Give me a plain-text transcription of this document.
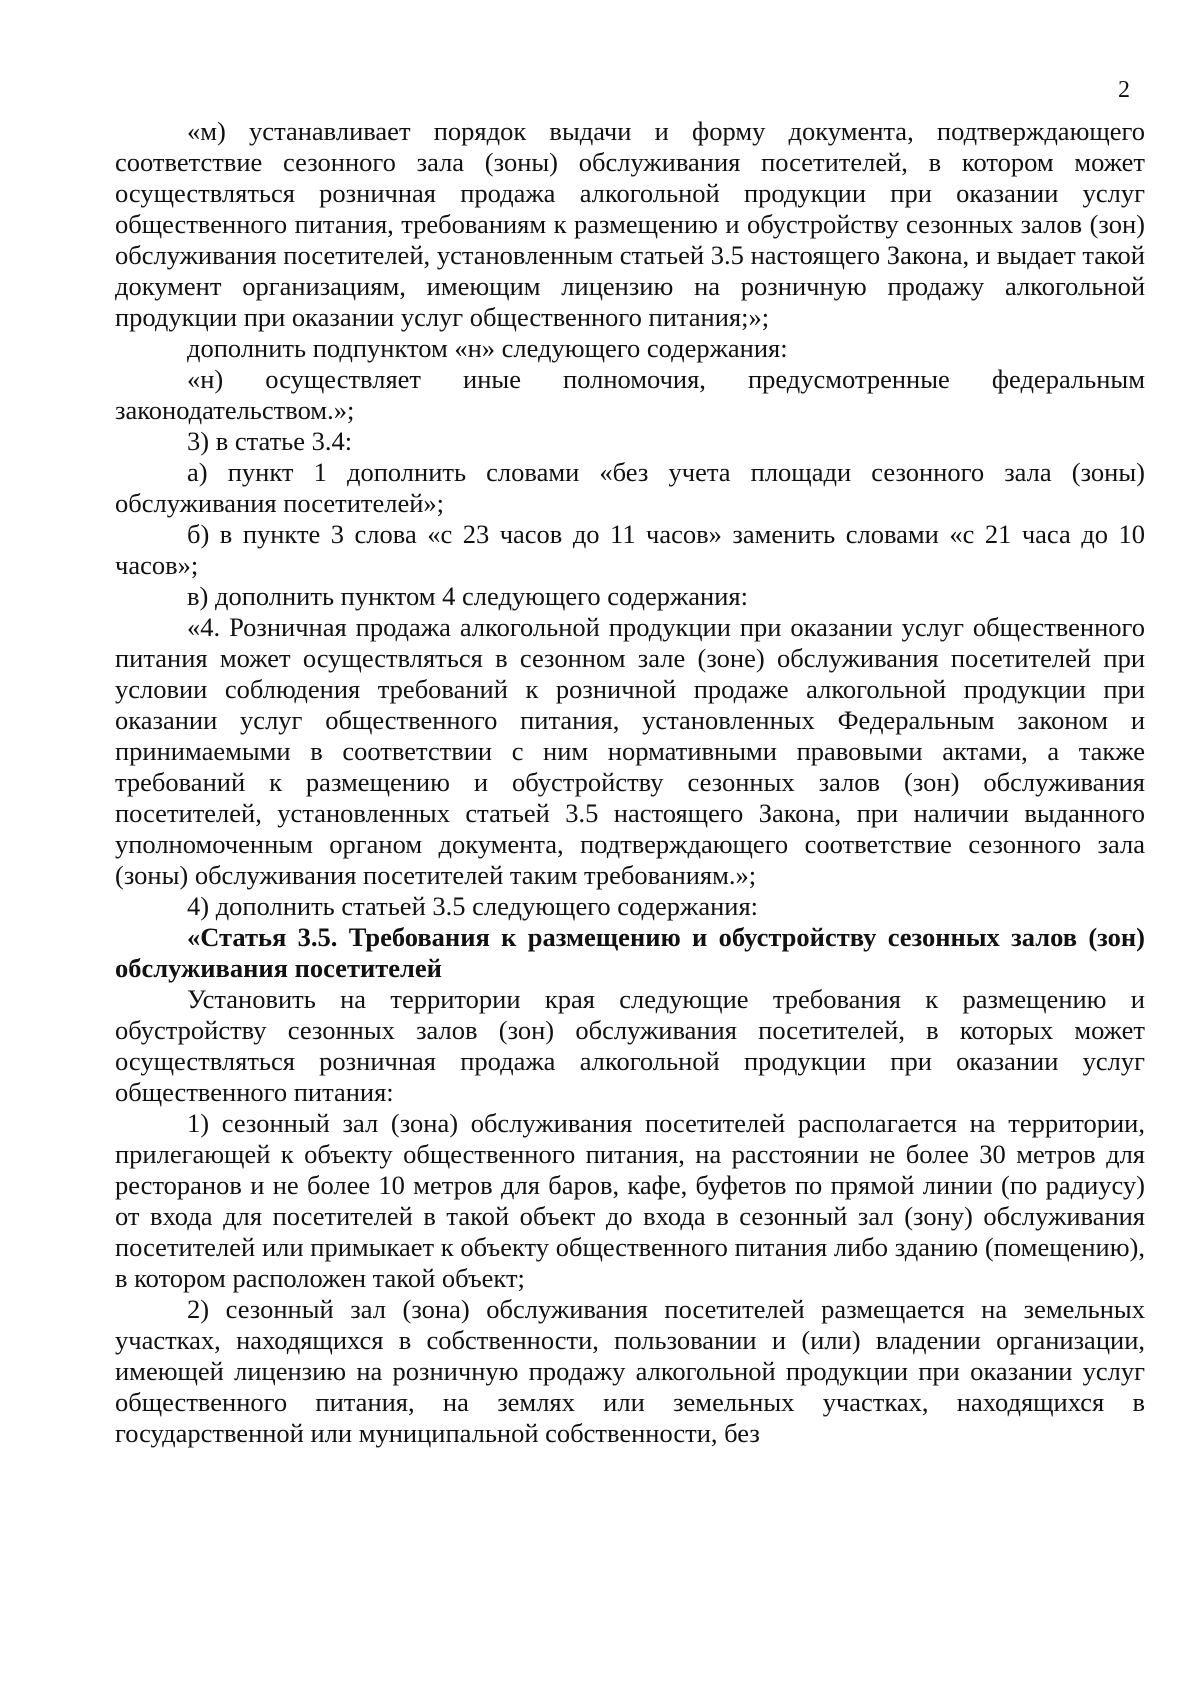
2

«м) устанавливает порядок выдачи и форму документа, подтверждающего соответствие сезонного зала (зоны) обслуживания посетителей, в котором может осуществляться розничная продажа алкогольной продукции при оказании услуг общественного питания, требованиям к размещению и обустройству сезонных залов (зон) обслуживания посетителей, установленным статьей 3.5 настоящего Закона, и выдает такой документ организациям, имеющим лицензию на розничную продажу алкогольной продукции при оказании услуг общественного питания;»;

дополнить подпунктом «н» следующего содержания:

«н) осуществляет иные полномочия, предусмотренные федеральным законодательством.»;

3) в статье 3.4:

а) пункт 1 дополнить словами «без учета площади сезонного зала (зоны) обслуживания посетителей»;

б) в пункте 3 слова «с 23 часов до 11 часов» заменить словами «с 21 часа до 10 часов»;

в) дополнить пунктом 4 следующего содержания:

«4. Розничная продажа алкогольной продукции при оказании услуг общественного питания может осуществляться в сезонном зале (зоне) обслуживания посетителей при условии соблюдения требований к розничной продаже алкогольной продукции при оказании услуг общественного питания, установленных Федеральным законом и принимаемыми в соответствии с ним нормативными правовыми актами, а также требований к размещению и обустройству сезонных залов (зон) обслуживания посетителей, установленных статьей 3.5 настоящего Закона, при наличии выданного уполномоченным органом документа, подтверждающего соответствие сезонного зала (зоны) обслуживания посетителей таким требованиям.»;

4) дополнить статьей 3.5 следующего содержания:

«Статья 3.5. Требования к размещению и обустройству сезонных залов (зон) обслуживания посетителей

Установить на территории края следующие требования к размещению и обустройству сезонных залов (зон) обслуживания посетителей, в которых может осуществляться розничная продажа алкогольной продукции при оказании услуг общественного питания:

1) сезонный зал (зона) обслуживания посетителей располагается на территории, прилегающей к объекту общественного питания, на расстоянии не более 30 метров для ресторанов и не более 10 метров для баров, кафе, буфетов по прямой линии (по радиусу) от входа для посетителей в такой объект до входа в сезонный зал (зону) обслуживания посетителей или примыкает к объекту общественного питания либо зданию (помещению), в котором расположен такой объект;

2) сезонный зал (зона) обслуживания посетителей размещается на земельных участках, находящихся в собственности, пользовании и (или) владении организации, имеющей лицензию на розничную продажу алкогольной продукции при оказании услуг общественного питания, на землях или земельных участках, находящихся в государственной или муниципальной собственности, без
